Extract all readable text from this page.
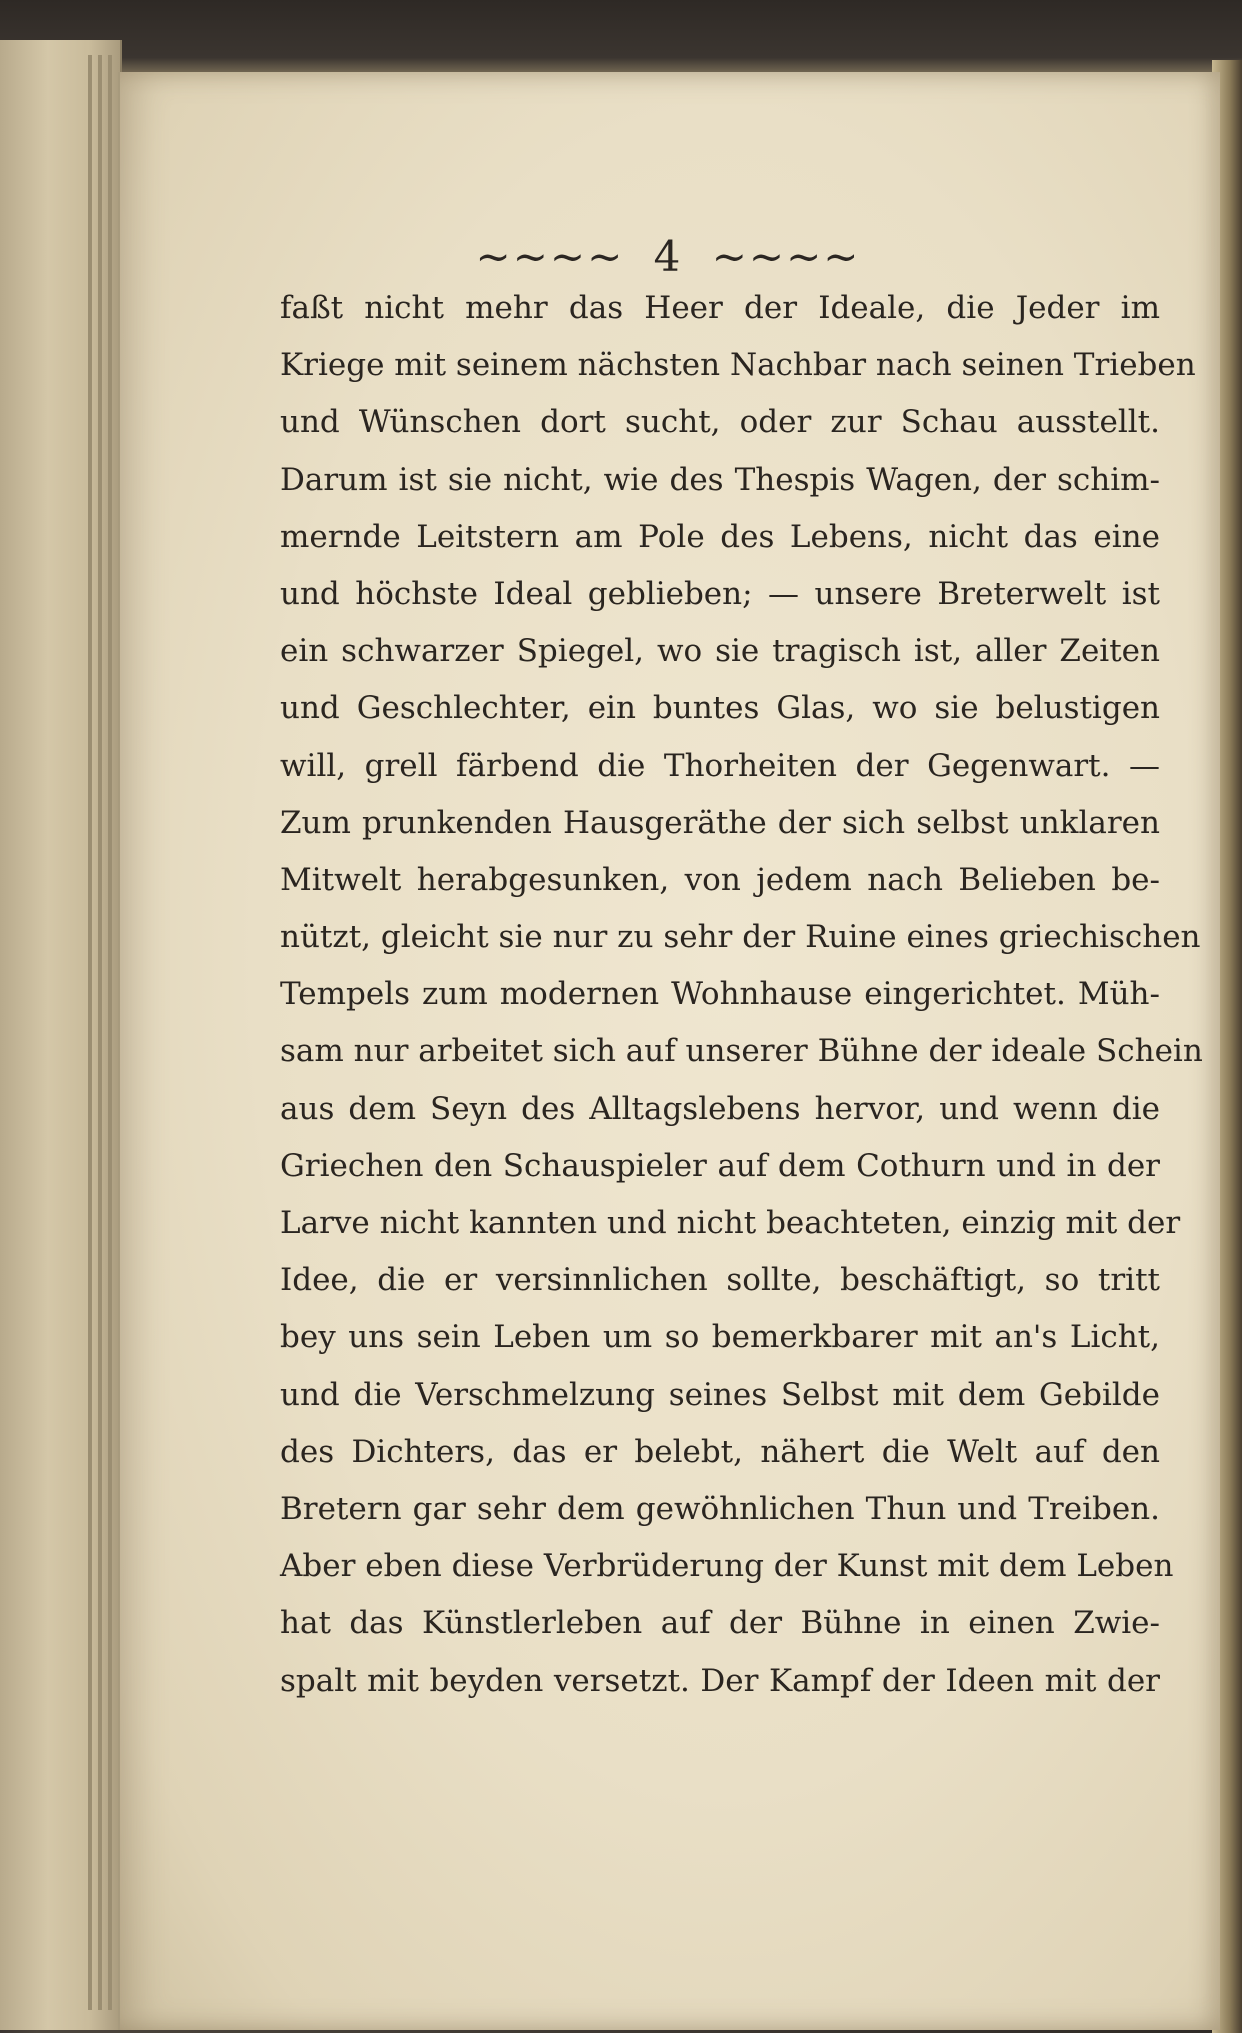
~~~~ 4 ~~~~
faßt nicht mehr das Heer der Ideale, die Jeder im
Kriege mit seinem nächsten Nachbar nach seinen Trieben
und Wünschen dort sucht, oder zur Schau ausstellt.
Darum ist sie nicht, wie des Thespis Wagen, der schim-
mernde Leitstern am Pole des Lebens, nicht das eine
und höchste Ideal geblieben; — unsere Breterwelt ist
ein schwarzer Spiegel, wo sie tragisch ist, aller Zeiten
und Geschlechter, ein buntes Glas, wo sie belustigen
will, grell färbend die Thorheiten der Gegenwart. —
Zum prunkenden Hausgeräthe der sich selbst unklaren
Mitwelt herabgesunken, von jedem nach Belieben be-
nützt, gleicht sie nur zu sehr der Ruine eines griechischen
Tempels zum modernen Wohnhause eingerichtet. Müh-
sam nur arbeitet sich auf unserer Bühne der ideale Schein
aus dem Seyn des Alltagslebens hervor, und wenn die
Griechen den Schauspieler auf dem Cothurn und in der
Larve nicht kannten und nicht beachteten, einzig mit der
Idee, die er versinnlichen sollte, beschäftigt, so tritt
bey uns sein Leben um so bemerkbarer mit an's Licht,
und die Verschmelzung seines Selbst mit dem Gebilde
des Dichters, das er belebt, nähert die Welt auf den
Bretern gar sehr dem gewöhnlichen Thun und Treiben.
Aber eben diese Verbrüderung der Kunst mit dem Leben
hat das Künstlerleben auf der Bühne in einen Zwie-
spalt mit beyden versetzt. Der Kampf der Ideen mit der
